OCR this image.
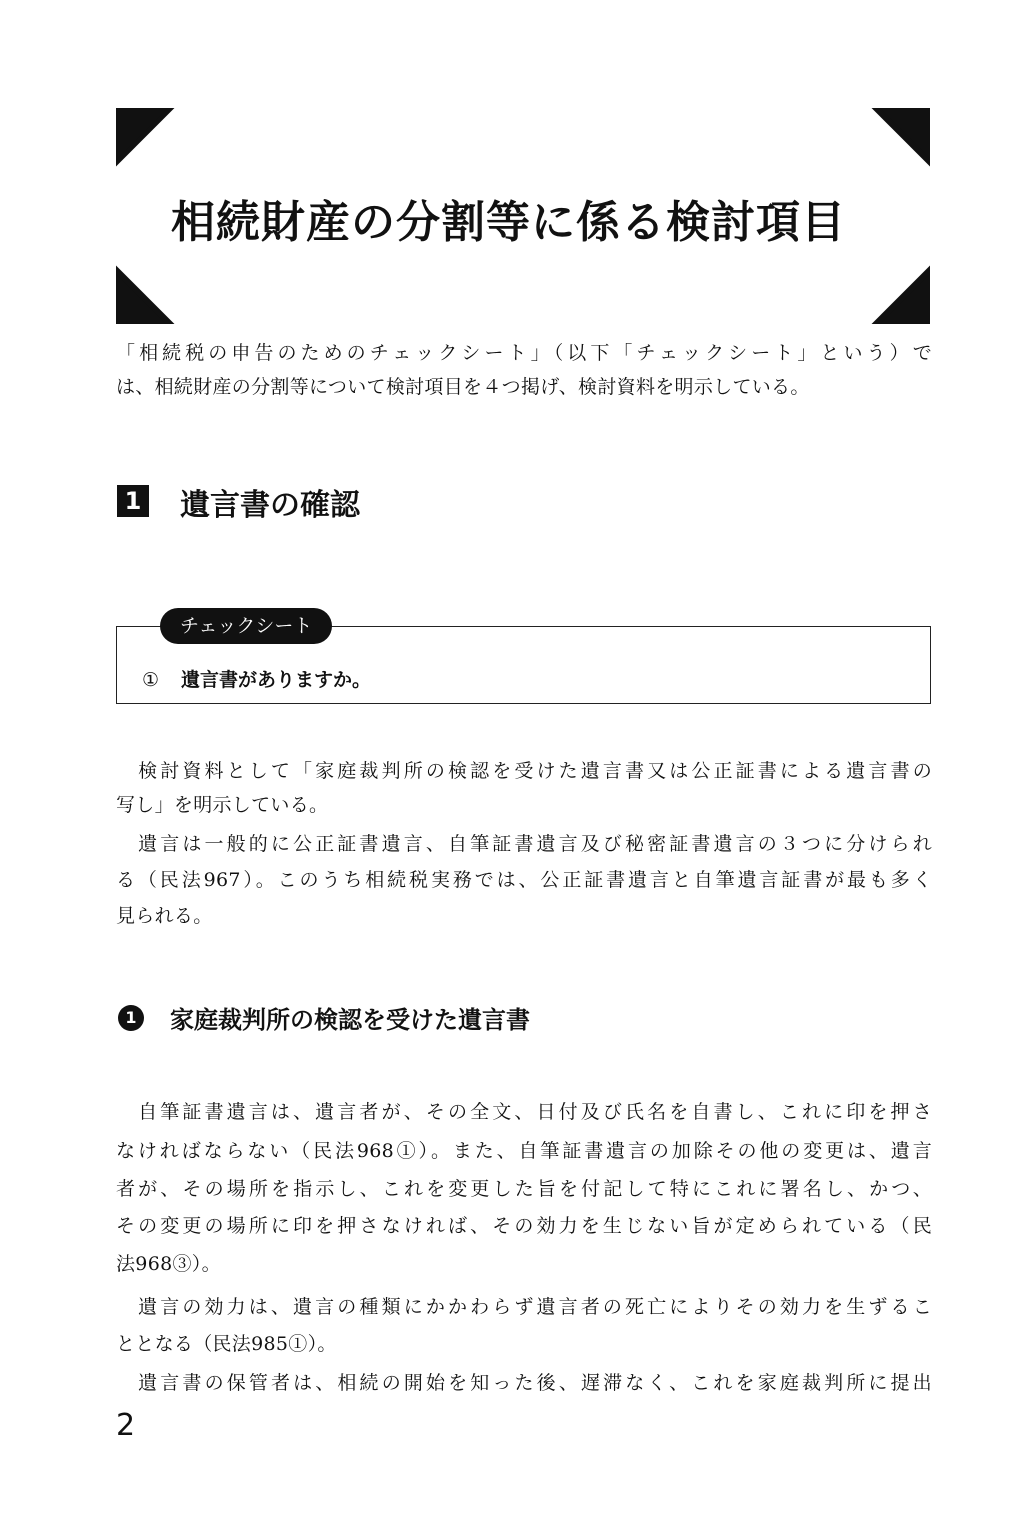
相続財産の分割等に係る検討項目
「相続税の申告のためのチェックシート」（以下「チェックシート」という）で
は、相続財産の分割等について検討項目を４つ掲げ、検討資料を明示している。
1 遺言書の確認
チェックシート
① 遺言書がありますか。
　検討資料として「家庭裁判所の検認を受けた遺言書又は公正証書による遺言書の
写し」を明示している。
　遺言は一般的に公正証書遺言、自筆証書遺言及び秘密証書遺言の３つに分けられ
る（民法967）。このうち相続税実務では、公正証書遺言と自筆遺言証書が最も多く
見られる。
1	家庭裁判所の検認を受けた遺言書
　自筆証書遺言は、遺言者が、その全文、日付及び氏名を自書し、これに印を押さ
なければならない（民法968①）。また、自筆証書遺言の加除その他の変更は、遺言
者が、その場所を指示し、これを変更した旨を付記して特にこれに署名し、かつ、
その変更の場所に印を押さなければ、その効力を生じない旨が定められている（民
法968③）。
　遺言の効力は、遺言の種類にかかわらず遺言者の死亡によりその効力を生ずるこ
ととなる（民法985①）。
　遺言書の保管者は、相続の開始を知った後、遅滞なく、これを家庭裁判所に提出
2
